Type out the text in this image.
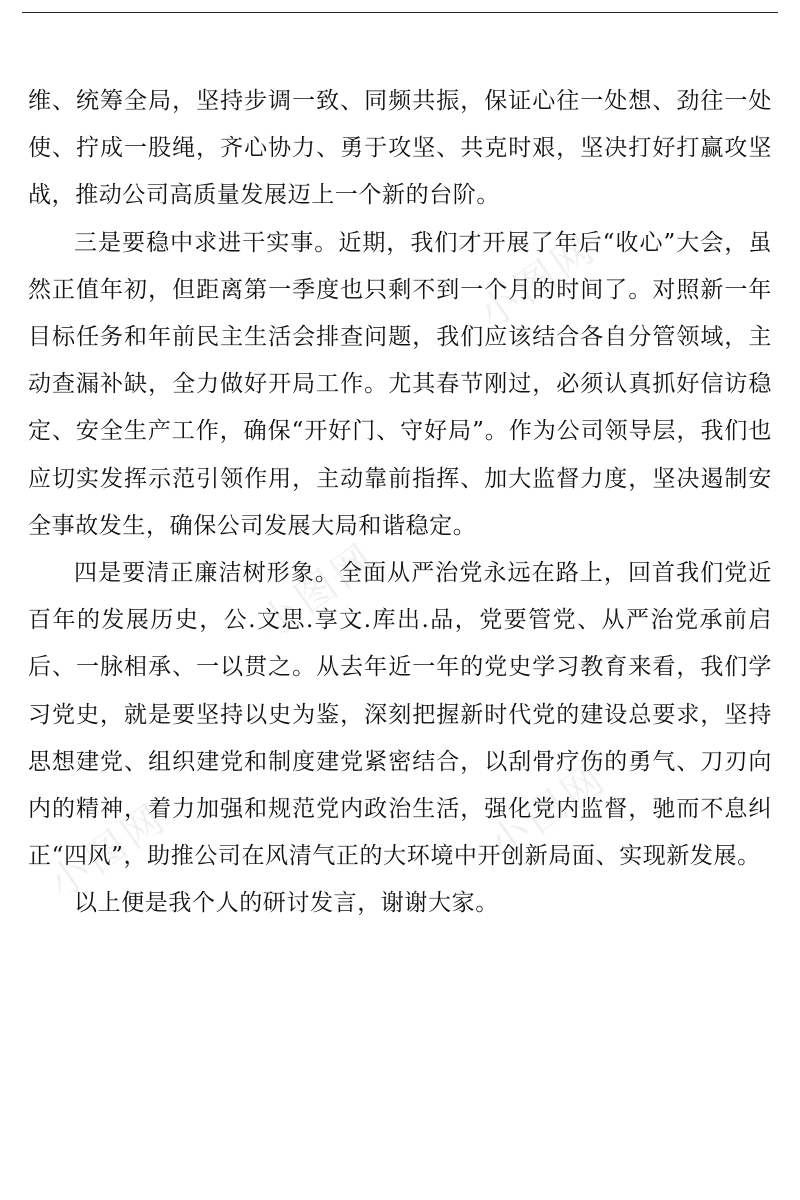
小图网
小图网
小图网	小图网

维、统筹全局，坚持步调一致、同频共振，保证心往一处想、劲往一处使、拧成一股绳，齐心协力、勇于攻坚、共克时艰，坚决打好打赢攻坚战，推动公司高质量发展迈上一个新的台阶。

三是要稳中求进干实事。近期，我们才开展了年后“收心”大会，虽然正值年初，但距离第一季度也只剩不到一个月的时间了。对照新一年目标任务和年前民主生活会排查问题，我们应该结合各自分管领域，主动查漏补缺，全力做好开局工作。尤其春节刚过，必须认真抓好信访稳定、安全生产工作，确保“开好门、守好局”。作为公司领导层，我们也应切实发挥示范引领作用，主动靠前指挥、加大监督力度，坚决遏制安全事故发生，确保公司发展大局和谐稳定。

四是要清正廉洁树形象。全面从严治党永远在路上，回首我们党近百年的发展历史，公.文思.享文.库出.品，党要管党、从严治党承前启后、一脉相承、一以贯之。从去年近一年的党史学习教育来看，我们学习党史，就是要坚持以史为鉴，深刻把握新时代党的建设总要求，坚持思想建党、组织建党和制度建党紧密结合，以刮骨疗伤的勇气、刀刃向内的精神，着力加强和规范党内政治生活，强化党内监督，驰而不息纠正“四风”，助推公司在风清气正的大环境中开创新局面、实现新发展。

以上便是我个人的研讨发言，谢谢大家。
